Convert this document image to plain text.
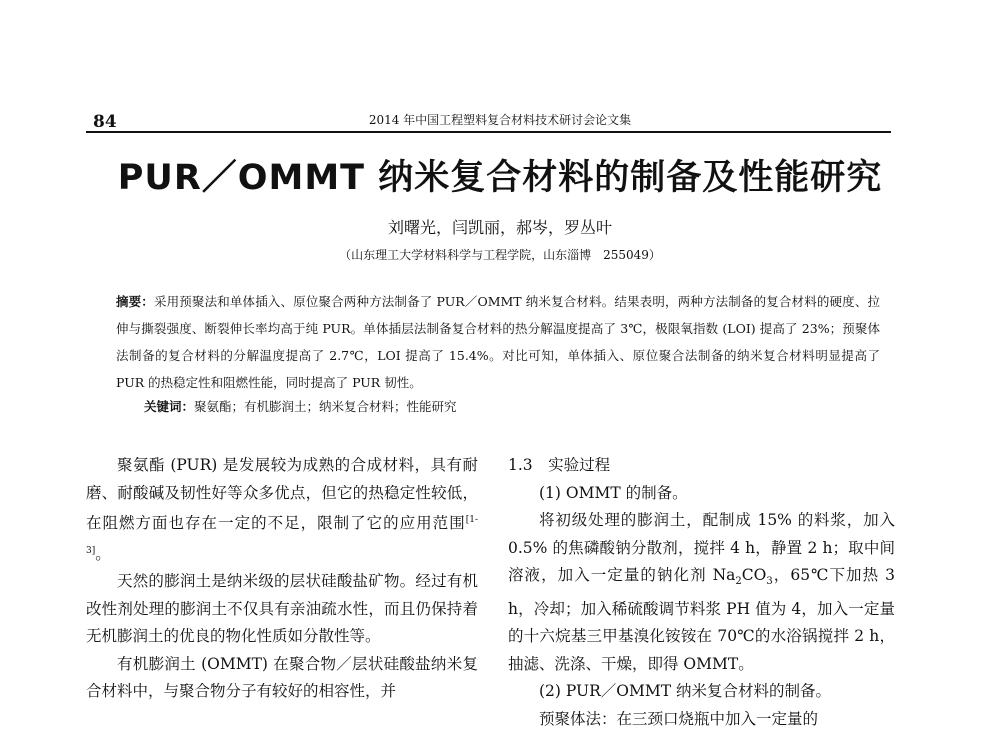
84	2014 年中国工程塑料复合材料技术研讨会论文集
PUR／OMMT 纳米复合材料的制备及性能研究
刘曙光，闫凯丽，郝岑，罗丛叶
（山东理工大学材料科学与工程学院，山东淄博　255049）
摘要：采用预聚法和单体插入、原位聚合两种方法制备了 PUR／OMMT 纳米复合材料。结果表明，两种方法制备的复合材料的硬度、拉伸与撕裂强度、断裂伸长率均高于纯 PUR。单体插层法制备复合材料的热分解温度提高了 3℃，极限氧指数 (LOI) 提高了 23%；预聚体法制备的复合材料的分解温度提高了 2.7℃，LOI 提高了 15.4%。对比可知，单体插入、原位聚合法制备的纳米复合材料明显提高了 PUR 的热稳定性和阻燃性能，同时提高了 PUR 韧性。
关键词：聚氨酯；有机膨润土；纳米复合材料；性能研究

聚氨酯 (PUR) 是发展较为成熟的合成材料，具有耐磨、耐酸碱及韧性好等众多优点，但它的热稳定性较低，在阻燃方面也存在一定的不足，限制了它的应用范围[1-3]。

天然的膨润土是纳米级的层状硅酸盐矿物。经过有机改性剂处理的膨润土不仅具有亲油疏水性，而且仍保持着无机膨润土的优良的物化性质如分散性等。

有机膨润土 (OMMT) 在聚合物／层状硅酸盐纳米复合材料中，与聚合物分子有较好的相容性，并

1.3　实验过程

(1) OMMT 的制备。

将初级处理的膨润土，配制成 15% 的料浆，加入 0.5% 的焦磷酸钠分散剂，搅拌 4 h，静置 2 h；取中间溶液，加入一定量的钠化剂 $Na_2CO_3$，65℃下加热 3 h，冷却；加入稀硫酸调节料浆 PH 值为 4，加入一定量的十六烷基三甲基溴化铵铵在 70℃的水浴锅搅拌 2 h，抽滤、洗涤、干燥，即得 OMMT。

(2) PUR／OMMT 纳米复合材料的制备。

预聚体法：在三颈口烧瓶中加入一定量的
